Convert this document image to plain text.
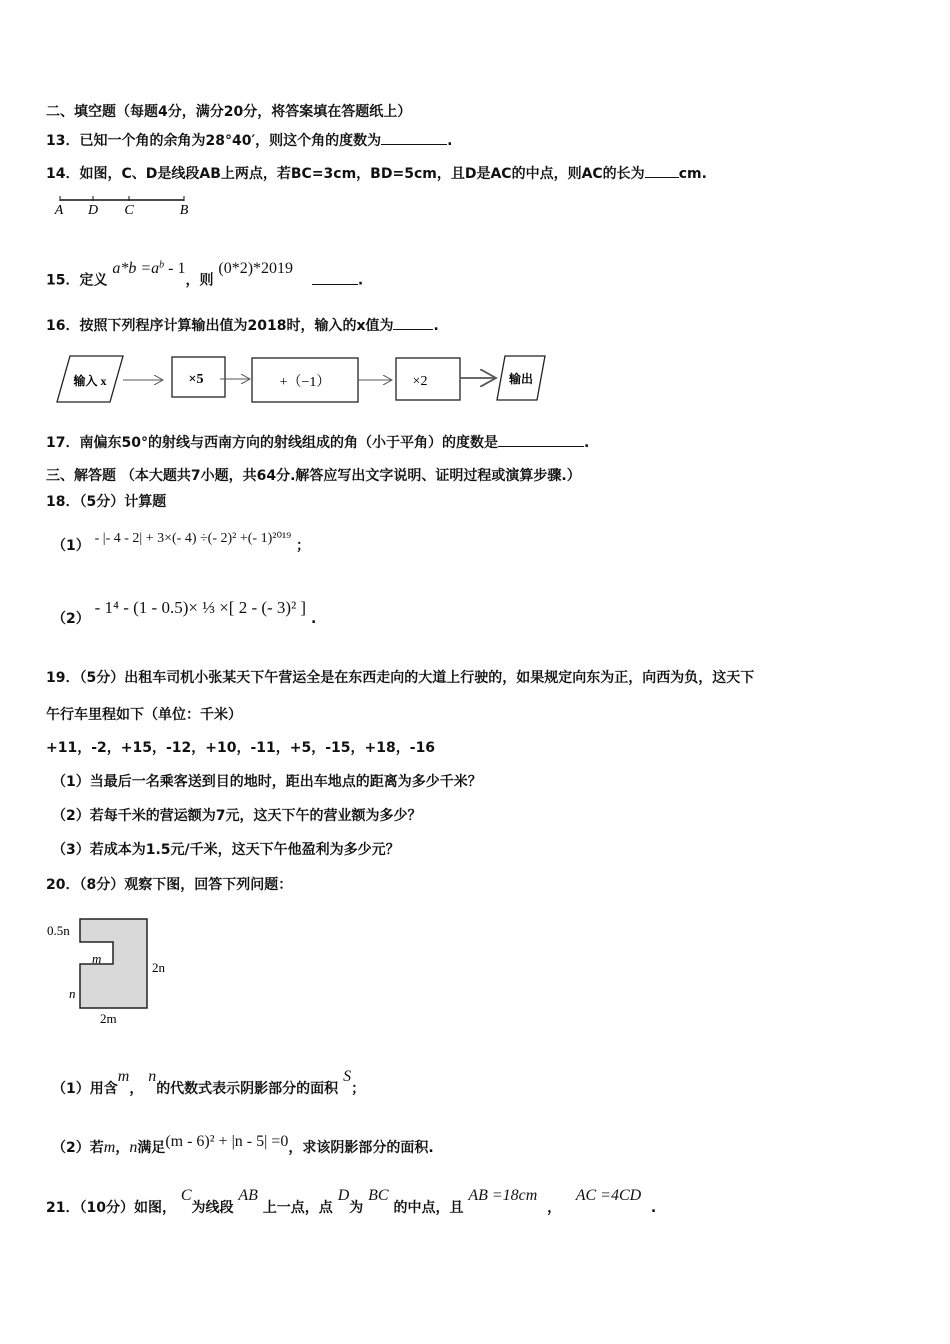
二、填空题（每题4分，满分20分，将答案填在答题纸上）
13．已知一个角的余角为28°40′，则这个角的度数为	.
14．如图，C、D是线段AB上两点，若BC=3cm，BD=5cm，且D是AC的中点，则AC的长为 cm.
A D C	B
15．定义 $a*b =a^b - 1$，则 (0*2)*2019 .
16．按照下列程序计算输出值为2018时，输入的x值为	.
输入 x	×5	+（−1）	×2	输出
17．南偏东50°的射线与西南方向的射线组成的角（小于平角）的度数是	.
三、解答题 （本大题共7小题，共64分.解答应写出文字说明、证明过程或演算步骤.）
18．（5分）计算题
（1） - |- 4 - 2| + 3×(- 4) ÷(- 2)² +(- 1)²⁰¹⁹ ；
（2） - 1⁴ - (1 - 0.5)× ⅓ ×[ 2 - (- 3)² ] .
19．（5分）出租车司机小张某天下午营运全是在东西走向的大道上行驶的，如果规定向东为正，向西为负，这天下
午行车里程如下（单位：千米）
+11，-2，+15，-12，+10，-11，+5，-15，+18，-16
（1）当最后一名乘客送到目的地时，距出车地点的距离为多少千米？
（2）若每千米的营运额为7元，这天下午的营业额为多少？
（3）若成本为1.5元/千米，这天下午他盈利为多少元？
20．（8分）观察下图，回答下列问题：
0.5n
m
2n
n
2m
（1）用含m， n的代数式表示阴影部分的面积 S；
（2）若m，n满足(m - 6)² + |n - 5| =0，求该阴影部分的面积.
21．（10分）如图， C为线段 AB 上一点，点 D为 BC 的中点，且 AB =18cm  ，   AC =4CD  .
